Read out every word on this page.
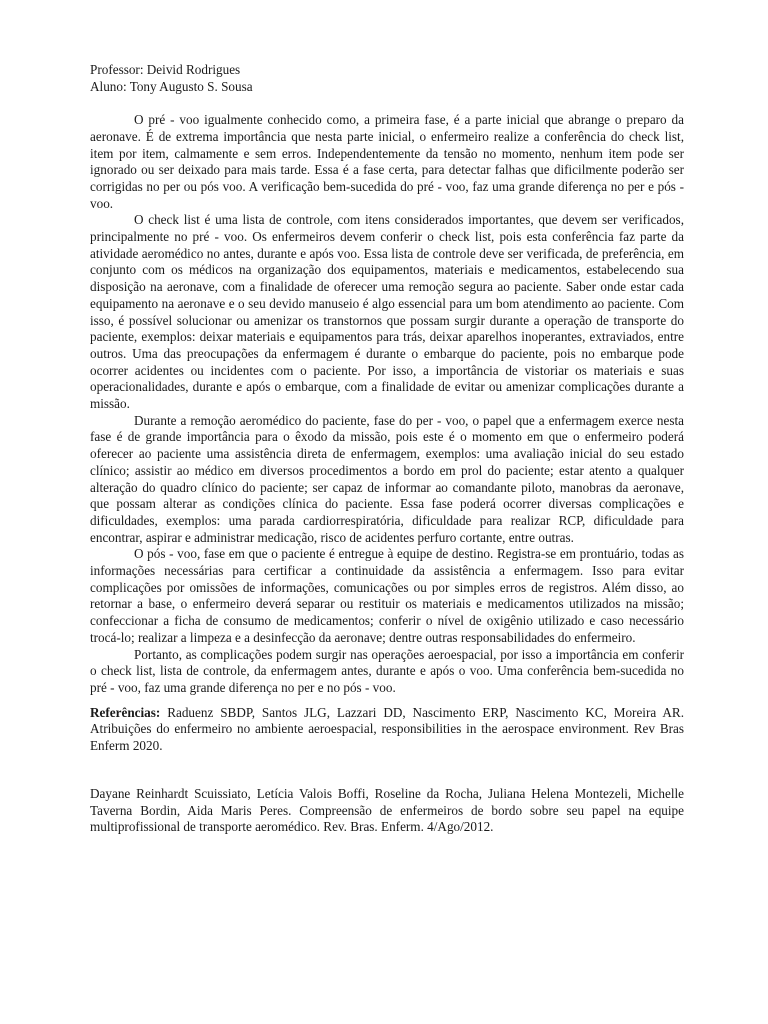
Professor: Deivid Rodrigues

Aluno: Tony Augusto S. Sousa

O pré - voo igualmente conhecido como, a primeira fase, é a parte inicial que abrange o preparo da aeronave. É de extrema importância que nesta parte inicial, o enfermeiro realize a conferência do check list, item por item, calmamente e sem erros. Independentemente da tensão no momento, nenhum item pode ser ignorado ou ser deixado para mais tarde. Essa é a fase certa, para detectar falhas que dificilmente poderão ser corrigidas no per ou pós voo. A verificação bem-sucedida do pré - voo, faz uma grande diferença no per e pós - voo.

O check list é uma lista de controle, com itens considerados importantes, que devem ser verificados, principalmente no pré - voo. Os enfermeiros devem conferir o check list, pois esta conferência faz parte da atividade aeromédico no antes, durante e após voo. Essa lista de controle deve ser verificada, de preferência, em conjunto com os médicos na organização dos equipamentos, materiais e medicamentos, estabelecendo sua disposição na aeronave, com a finalidade de oferecer uma remoção segura ao paciente. Saber onde estar cada equipamento na aeronave e o seu devido manuseio é algo essencial para um bom atendimento ao paciente. Com isso, é possível solucionar ou amenizar os transtornos que possam surgir durante a operação de transporte do paciente, exemplos: deixar materiais e equipamentos para trás, deixar aparelhos inoperantes, extraviados, entre outros. Uma das preocupações da enfermagem é durante o embarque do paciente, pois no embarque pode ocorrer acidentes ou incidentes com o paciente. Por isso, a importância de vistoriar os materiais e suas operacionalidades, durante e após o embarque, com a finalidade de evitar ou amenizar complicações durante a missão.

Durante a remoção aeromédico do paciente, fase do per - voo, o papel que a enfermagem exerce nesta fase é de grande importância para o êxodo da missão, pois este é o momento em que o enfermeiro poderá oferecer ao paciente uma assistência direta de enfermagem, exemplos: uma avaliação inicial do seu estado clínico; assistir ao médico em diversos procedimentos a bordo em prol do paciente; estar atento a qualquer alteração do quadro clínico do paciente; ser capaz de informar ao comandante piloto, manobras da aeronave, que possam alterar as condições clínica do paciente. Essa fase poderá ocorrer diversas complicações e dificuldades, exemplos: uma parada cardiorrespiratória, dificuldade para realizar RCP, dificuldade para encontrar, aspirar e administrar medicação, risco de acidentes perfuro cortante, entre outras.

O pós - voo, fase em que o paciente é entregue à equipe de destino. Registra-se em prontuário, todas as informações necessárias para certificar a continuidade da assistência a enfermagem. Isso para evitar complicações por omissões de informações, comunicações ou por simples erros de registros. Além disso, ao retornar a base, o enfermeiro deverá separar ou restituir os materiais e medicamentos utilizados na missão; confeccionar a ficha de consumo de medicamentos; conferir o nível de oxigênio utilizado e caso necessário trocá-lo; realizar a limpeza e a desinfecção da aeronave; dentre outras responsabilidades do enfermeiro.

Portanto, as complicações podem surgir nas operações aeroespacial, por isso a importância em conferir o check list, lista de controle, da enfermagem antes, durante e após o voo. Uma conferência bem-sucedida no pré - voo, faz uma grande diferença no per e no pós - voo.

Referências: Raduenz SBDP, Santos JLG, Lazzari DD, Nascimento ERP, Nascimento KC, Moreira AR. Atribuições do enfermeiro no ambiente aeroespacial, responsibilities in the aerospace environment. Rev Bras Enferm 2020.

Dayane Reinhardt Scuissiato, Letícia Valois Boffi, Roseline da Rocha, Juliana Helena Montezeli, Michelle Taverna Bordin, Aida Maris Peres. Compreensão de enfermeiros de bordo sobre seu papel na equipe multiprofissional de transporte aeromédico. Rev. Bras. Enferm. 4/Ago/2012.
